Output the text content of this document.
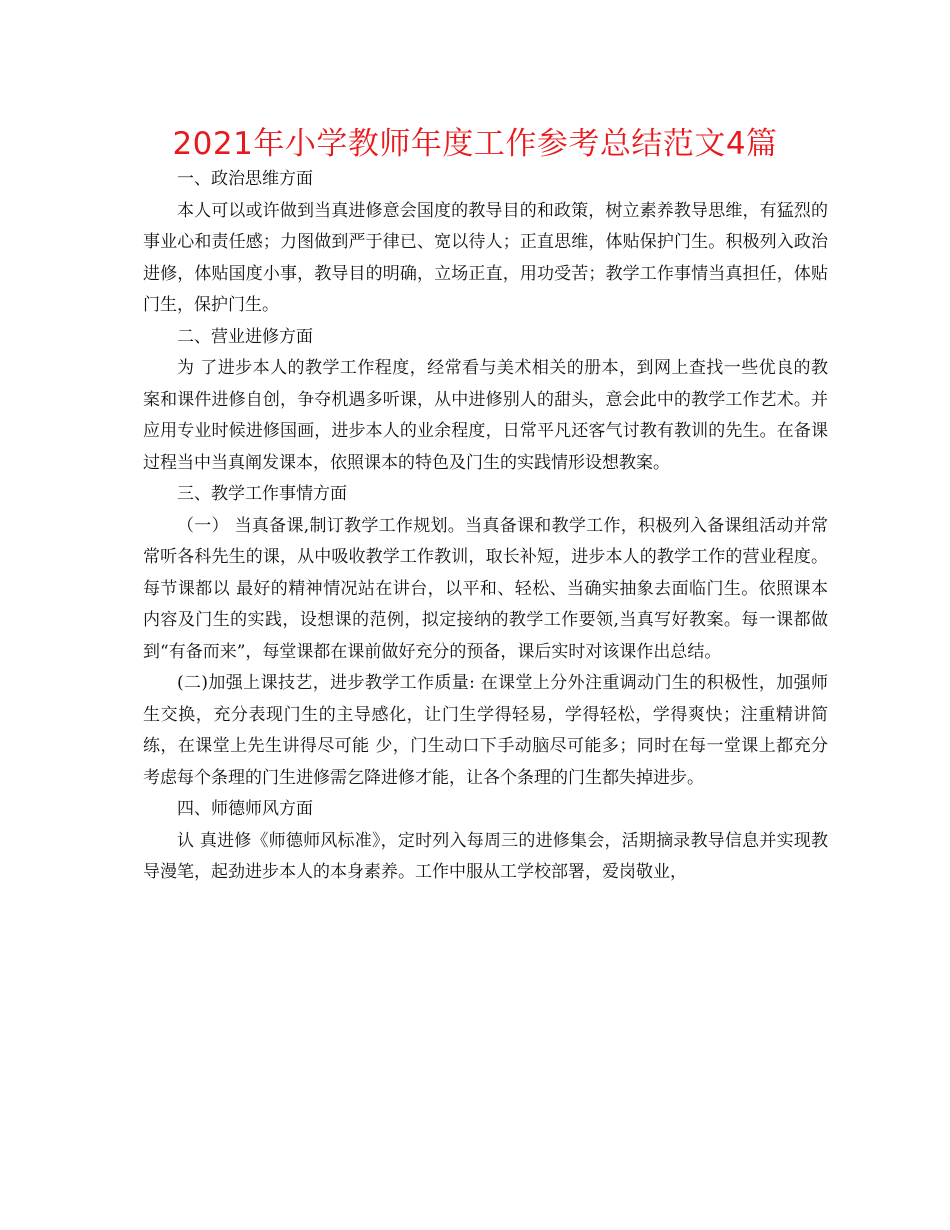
2021年小学教师年度工作参考总结范文4篇

一、政治思维方面

本人可以或许做到当真进修意会国度的教导目的和政策，树立素养教导思维，有猛烈的事业心和责任感；力图做到严于律已、宽以待人；正直思维，体贴保护门生。积极列入政治进修，体贴国度小事，教导目的明确，立场正直，用功受苦；教学工作事情当真担任，体贴门生，保护门生。

二、营业进修方面

为 了进步本人的教学工作程度，经常看与美术相关的册本，到网上查找一些优良的教案和课件进修自创，争夺机遇多听课，从中进修别人的甜头，意会此中的教学工作艺术。并 应用专业时候进修国画，进步本人的业余程度，日常平凡还客气讨教有教训的先生。在备课过程当中当真阐发课本，依照课本的特色及门生的实践情形设想教案。

三、教学工作事情方面

（一） 当真备课,制订教学工作规划。当真备课和教学工作，积极列入备课组活动并常常听各科先生的课，从中吸收教学工作教训，取长补短，进步本人的教学工作的营业程度。每节课都以 最好的精神情况站在讲台，以平和、轻松、当确实抽象去面临门生。依照课本内容及门生的实践，设想课的范例，拟定接纳的教学工作要领,当真写好教案。每一课都做 到“有备而来”，每堂课都在课前做好充分的预备，课后实时对该课作出总结。

(二)加强上课技艺，进步教学工作质量: 在课堂上分外注重调动门生的积极性，加强师生交换，充分表现门生的主导感化，让门生学得轻易，学得轻松，学得爽快；注重精讲简练，在课堂上先生讲得尽可能 少，门生动口下手动脑尽可能多；同时在每一堂课上都充分考虑每个条理的门生进修需乞降进修才能，让各个条理的门生都失掉进步。

四、师德师风方面

认 真进修《师德师风标准》，定时列入每周三的进修集会，活期摘录教导信息并实现教导漫笔，起劲进步本人的本身素养。工作中服从工学校部署，爱岗敬业，
